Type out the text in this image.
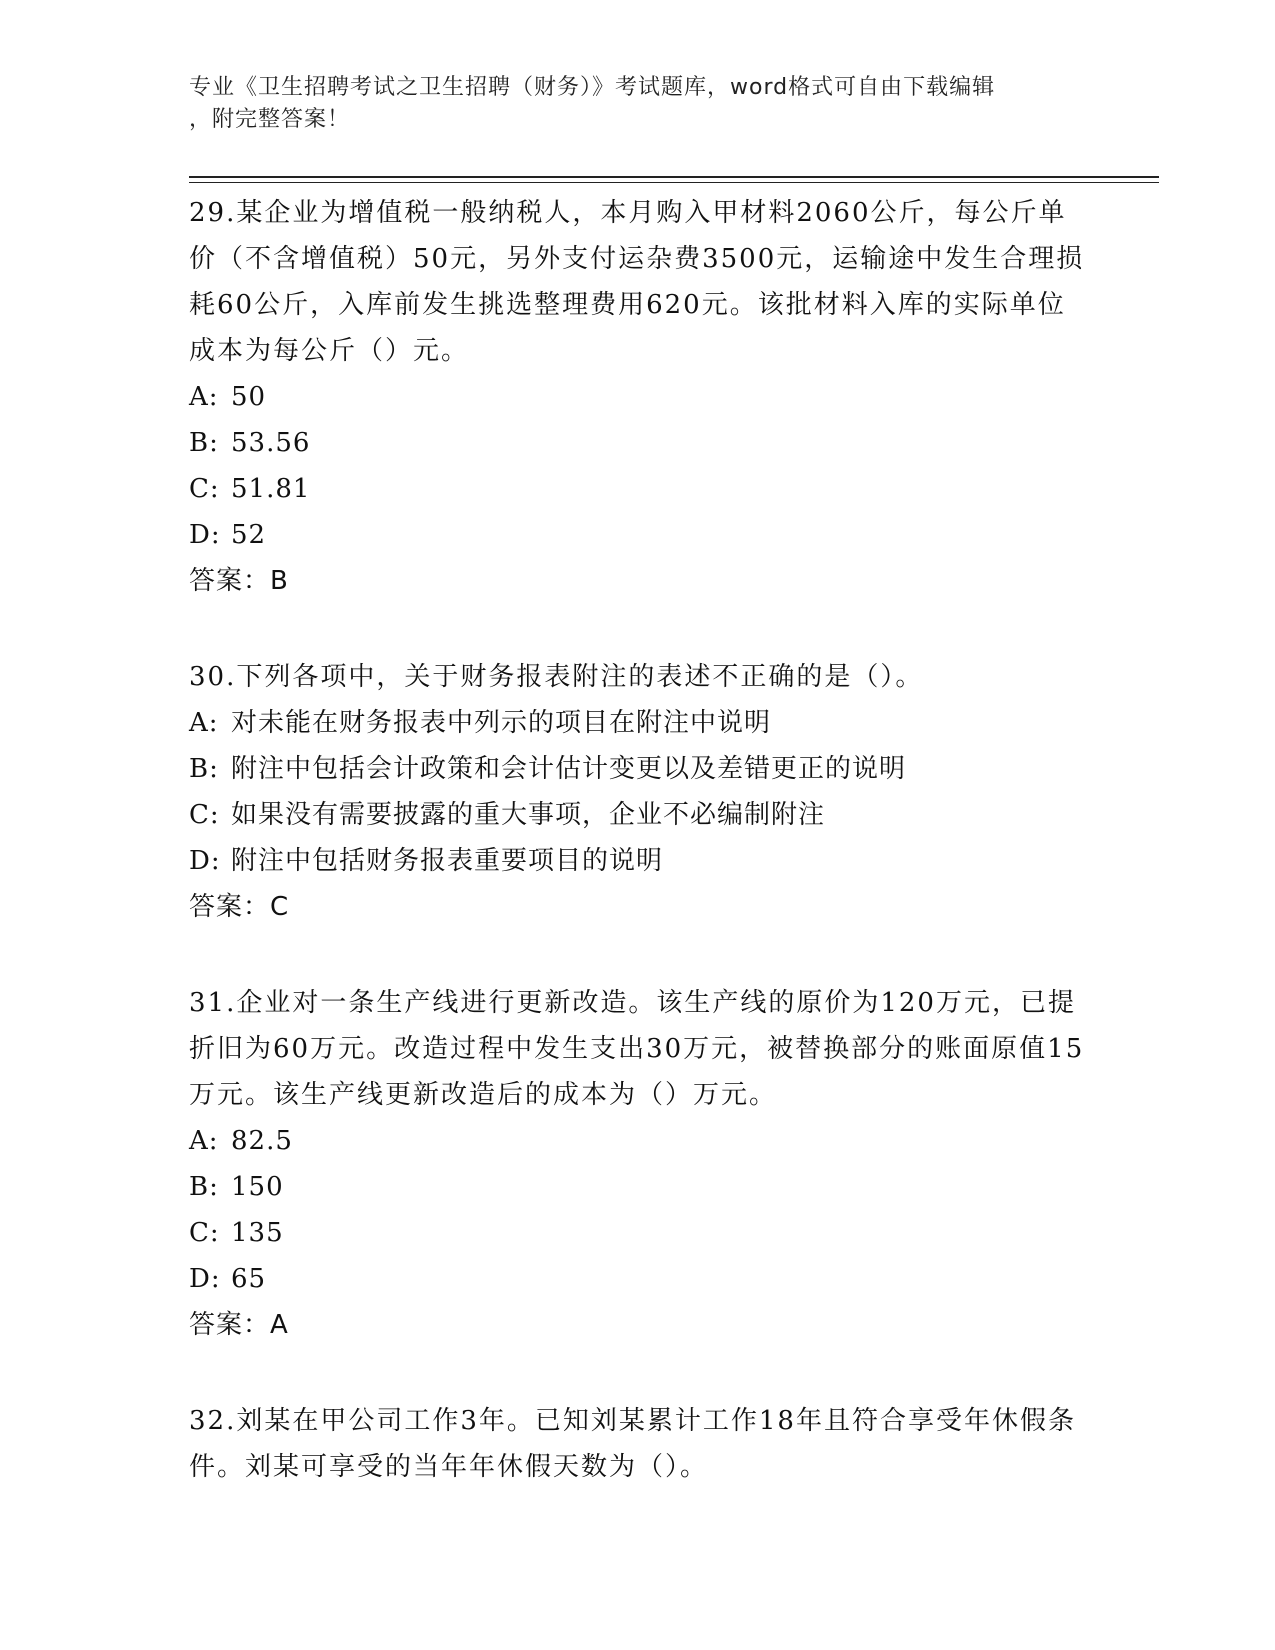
专业《卫生招聘考试之卫生招聘（财务）》考试题库，word格式可自由下载编辑
，附完整答案！

29.某企业为增值税一般纳税人，本月购入甲材料2060公斤，每公斤单价（不含增值税）50元，另外支付运杂费3500元，运输途中发生合理损耗60公斤，入库前发生挑选整理费用620元。该批材料入库的实际单位成本为每公斤（）元。

A: 50

B: 53.56

C: 51.81

D: 52

答案：B

30.下列各项中，关于财务报表附注的表述不正确的是（）。

A: 对未能在财务报表中列示的项目在附注中说明

B: 附注中包括会计政策和会计估计变更以及差错更正的说明

C: 如果没有需要披露的重大事项，企业不必编制附注

D: 附注中包括财务报表重要项目的说明

答案：C

31.企业对一条生产线进行更新改造。该生产线的原价为120万元，已提折旧为60万元。改造过程中发生支出30万元，被替换部分的账面原值15万元。该生产线更新改造后的成本为（）万元。

A: 82.5

B: 150

C: 135

D: 65

答案：A

32.刘某在甲公司工作3年。已知刘某累计工作18年且符合享受年休假条件。刘某可享受的当年年休假天数为（）。
